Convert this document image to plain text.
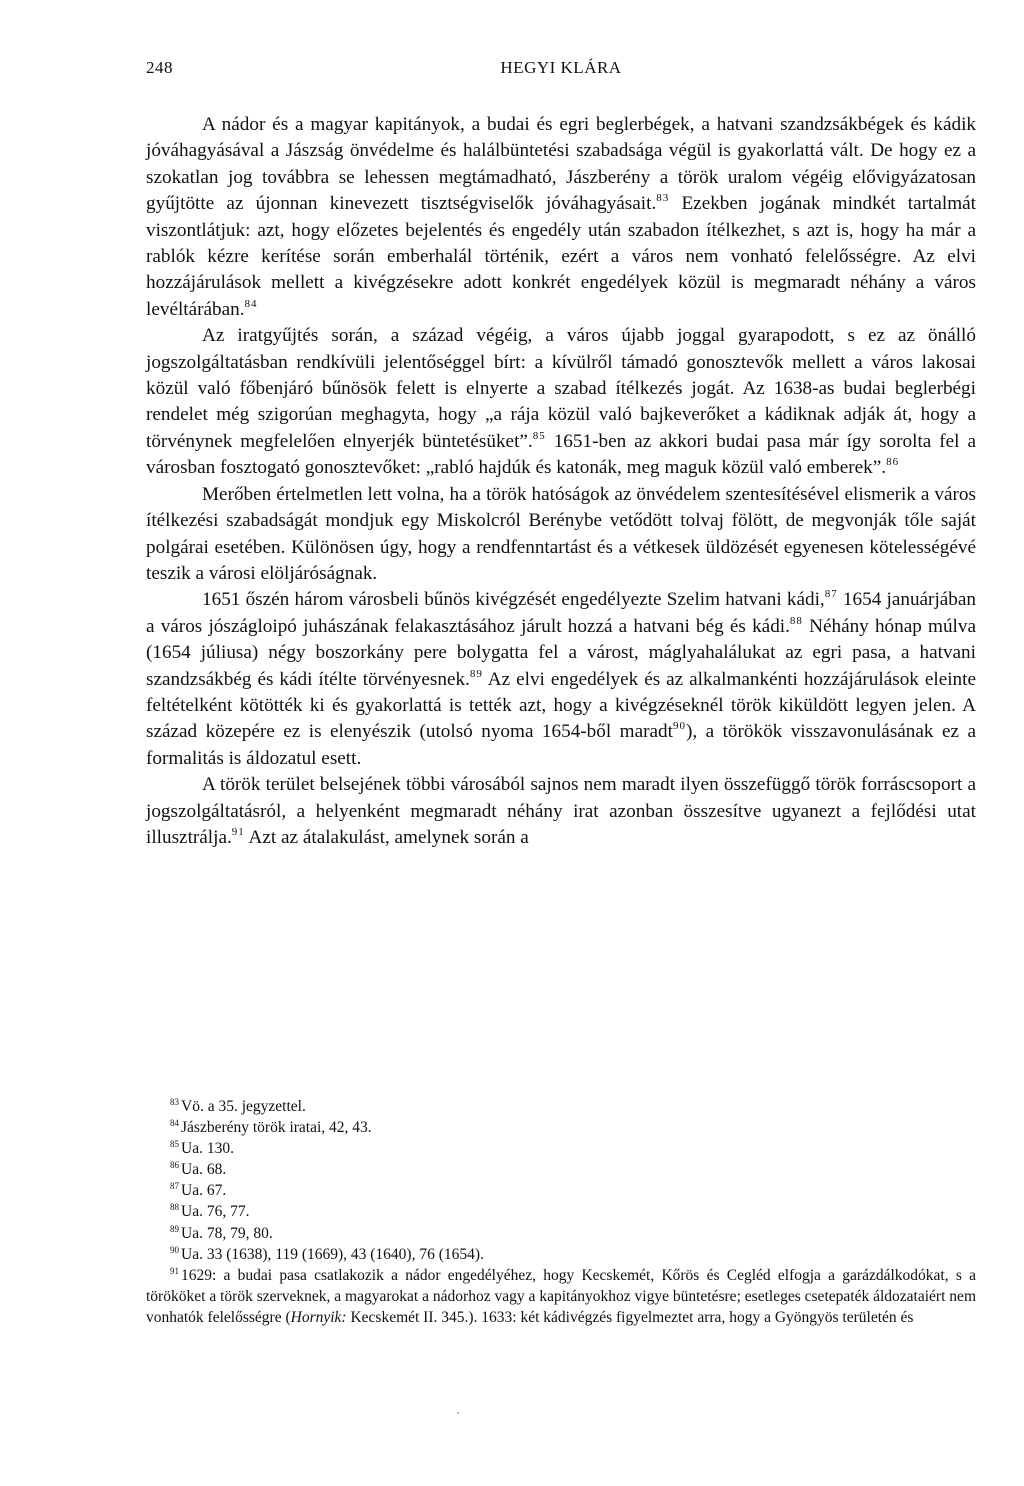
248	HEGYI KLÁRA

A nádor és a magyar kapitányok, a budai és egri beglerbégek, a hatvani szandzsákbégek és kádik jóváhagyásával a Jászság önvédelme és halálbüntetési szabadsága végül is gyakorlattá vált. De hogy ez a szokatlan jog továbbra se lehessen megtámadható, Jászberény a török uralom végéig elővigyázatosan gyűjtötte az újonnan kinevezett tisztségviselők jóváhagyásait.$^{83}$ Ezekben jogának mindkét tartalmát viszontlátjuk: azt, hogy előzetes bejelentés és engedély után szabadon ítélkezhet, s azt is, hogy ha már a rablók kézre kerítése során emberhalál történik, ezért a város nem vonható felelősségre. Az elvi hozzájárulások mellett a kivégzésekre adott konkrét engedélyek közül is megmaradt néhány a város levéltárában.$^{84}$

Az iratgyűjtés során, a század végéig, a város újabb joggal gyarapodott, s ez az önálló jogszolgáltatásban rendkívüli jelentőséggel bírt: a kívülről támadó gonosztevők mellett a város lakosai közül való főbenjáró bűnösök felett is elnyerte a szabad ítélkezés jogát. Az 1638-as budai beglerbégi rendelet még szigorúan meghagyta, hogy „a rája közül való bajkeverőket a kádiknak adják át, hogy a törvénynek megfelelően elnyerjék büntetésüket”.$^{85}$ 1651-ben az akkori budai pasa már így sorolta fel a városban fosztogató gonosztevőket: „rabló hajdúk és katonák, meg maguk közül való emberek”.$^{86}$

Merőben értelmetlen lett volna, ha a török hatóságok az önvédelem szentesítésével elismerik a város ítélkezési szabadságát mondjuk egy Miskolcról Berénybe vetődött tolvaj fölött, de megvonják tőle saját polgárai esetében. Különösen úgy, hogy a rendfenntartást és a vétkesek üldözését egyenesen kötelességévé teszik a városi elöljáróságnak.

1651 őszén három városbeli bűnös kivégzését engedélyezte Szelim hatvani kádi,$^{87}$ 1654 januárjában a város jószágloipó juhászának felakasztásához járult hozzá a hatvani bég és kádi.$^{88}$ Néhány hónap múlva (1654 júliusa) négy boszorkány pere bolygatta fel a várost, máglyahalálukat az egri pasa, a hatvani szandzsákbég és kádi ítélte törvényesnek.$^{89}$ Az elvi engedélyek és az alkalmankénti hozzájárulások eleinte feltételként kötötték ki és gyakorlattá is tették azt, hogy a kivégzéseknél török kiküldött legyen jelen. A század közepére ez is elenyészik (utolsó nyoma 1654-ből maradt$^{90}$), a törökök visszavonulásának ez a formalitás is áldozatul esett.

A török terület belsejének többi városából sajnos nem maradt ilyen összefüggő török forráscsoport a jogszolgáltatásról, a helyenként megmaradt néhány irat azonban összesítve ugyanezt a fejlődési utat illusztrálja.$^{91}$ Azt az átalakulást, amelynek során a

$^{83}$ Vö. a 35. jegyzettel.
$^{84}$ Jászberény török iratai, 42, 43.
$^{85}$ Ua. 130.
$^{86}$ Ua. 68.
$^{87}$ Ua. 67.
$^{88}$ Ua. 76, 77.
$^{89}$ Ua. 78, 79, 80.
$^{90}$ Ua. 33 (1638), 119 (1669), 43 (1640), 76 (1654).
$^{91}$ 1629: a budai pasa csatlakozik a nádor engedélyéhez, hogy Kecskemét, Kőrös és Cegléd elfogja a garázdálkodókat, s a törököket a török szerveknek, a magyarokat a nádorhoz vagy a kapitányokhoz vigye büntetésre; esetleges csetepaték áldozataiért nem vonhatók felelősségre (Hornyik: Kecskemét II. 345.). 1633: két kádivégzés figyelmeztet arra, hogy a Gyöngyös területén és
